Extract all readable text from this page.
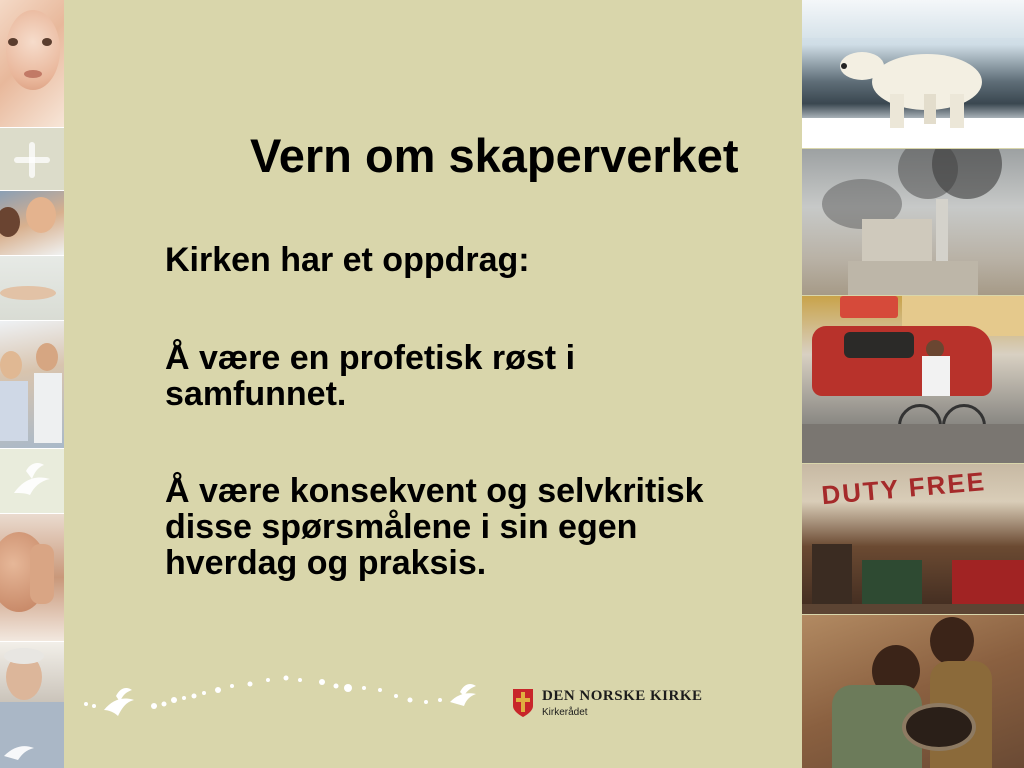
DUTY FREE
Vern om skaperverket
Kirken har et oppdrag:
Å være en profetisk røst i
samfunnet.
Å være konsekvent og selvkritisk
disse spørsmålene i sin egen
hverdag og praksis.
DEN NORSKE KIRKE
Kirkerådet
